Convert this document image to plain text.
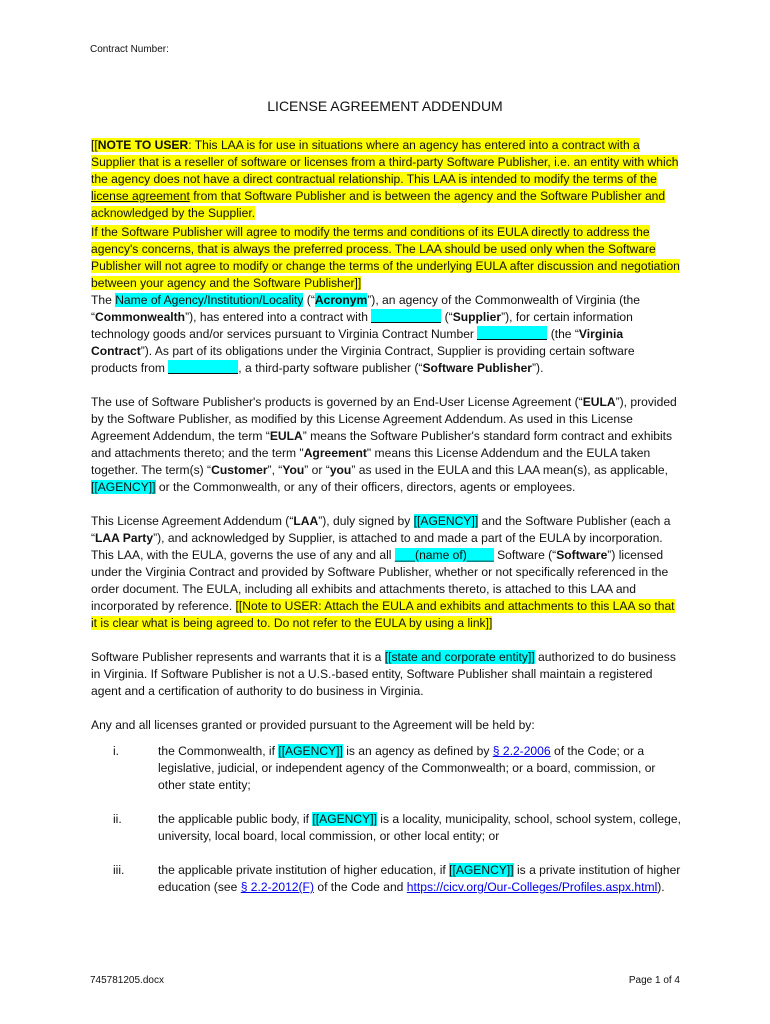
Contract Number:
LICENSE AGREEMENT ADDENDUM

[[NOTE TO USER: This LAA is for use in situations where an agency has entered into a contract with a Supplier that is a reseller of software or licenses from a third-party Software Publisher, i.e. an entity with which the agency does not have a direct contractual relationship. This LAA is intended to modify the terms of the license agreement from that Software Publisher and is between the agency and the Software Publisher and acknowledged by the Supplier.

If the Software Publisher will agree to modify the terms and conditions of its EULA directly to address the agency's concerns, that is always the preferred process. The LAA should be used only when the Software Publisher will not agree to modify or change the terms of the underlying EULA after discussion and negotiation between your agency and the Software Publisher]]

The Name of Agency/Institution/Locality (“Acronym”), an agency of the Commonwealth of Virginia (the “Commonwealth”), has entered into a contract with	(“Supplier”), for certain information technology goods and/or services pursuant to Virginia Contract Number	(the “Virginia Contract”). As part of its obligations under the Virginia Contract, Supplier is providing certain software products from	, a third-party software publisher (“Software Publisher”).

The use of Software Publisher's products is governed by an End-User License Agreement (“EULA”), provided by the Software Publisher, as modified by this License Agreement Addendum. As used in this License Agreement Addendum, the term “EULA” means the Software Publisher's standard form contract and exhibits and attachments thereto; and the term "Agreement" means this License Addendum and the EULA taken together. The term(s) “Customer”, “You” or “you” as used in the EULA and this LAA mean(s), as applicable, [[AGENCY]] or the Commonwealth, or any of their officers, directors, agents or employees.

This License Agreement Addendum (“LAA”), duly signed by [[AGENCY]] and the Software Publisher (each a “LAA Party”), and acknowledged by Supplier, is attached to and made a part of the EULA by incorporation. This LAA, with the EULA, governs the use of any and all ___(name of)____ Software (“Software”) licensed under the Virginia Contract and provided by Software Publisher, whether or not specifically referenced in the order document. The EULA, including all exhibits and attachments thereto, is attached to this LAA and incorporated by reference. [[Note to USER: Attach the EULA and exhibits and attachments to this LAA so that it is clear what is being agreed to. Do not refer to the EULA by using a link]]

Software Publisher represents and warrants that it is a [[state and corporate entity]] authorized to do business in Virginia. If Software Publisher is not a U.S.-based entity, Software Publisher shall maintain a registered agent and a certification of authority to do business in Virginia.

Any and all licenses granted or provided pursuant to the Agreement will be held by:

i.	the Commonwealth, if [[AGENCY]] is an agency as defined by § 2.2-2006 of the Code; or a legislative, judicial, or independent agency of the Commonwealth; or a board, commission, or other state entity;
ii.	the applicable public body, if [[AGENCY]] is a locality, municipality, school, school system, college, university, local board, local commission, or other local entity; or
iii.	the applicable private institution of higher education, if [[AGENCY]] is a private institution of higher education (see § 2.2-2012(F) of the Code and https://cicv.org/Our-Colleges/Profiles.aspx.html).
745781205.docx	Page 1 of 4
